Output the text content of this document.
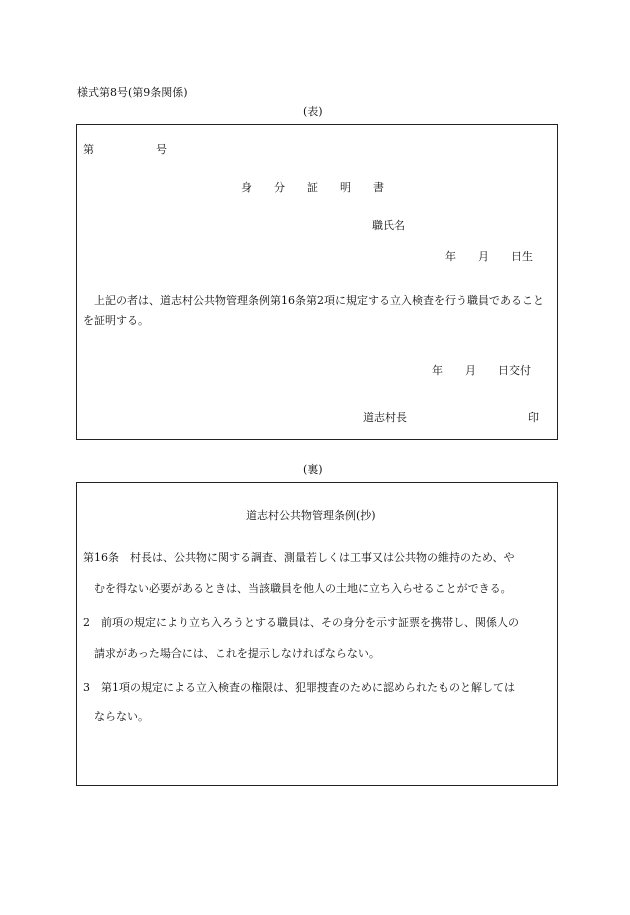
様式第8号(第9条関係)
(表)
第	号
身　　分　　証　　明　　書
職氏名
年　　月　　日生
上記の者は、道志村公共物管理条例第16条第2項に規定する立入検査を行う職員であることを証明する。
年　　月　　日交付
道志村長	印
(裏)
道志村公共物管理条例(抄)
第16条　村長は、公共物に関する調査、測量若しくは工事又は公共物の維持のため、や
むを得ない必要があるときは、当該職員を他人の土地に立ち入らせることができる。
2　前項の規定により立ち入ろうとする職員は、その身分を示す証票を携帯し、関係人の
請求があった場合には、これを提示しなければならない。
3　第1項の規定による立入検査の権限は、犯罪捜査のために認められたものと解しては
ならない。
